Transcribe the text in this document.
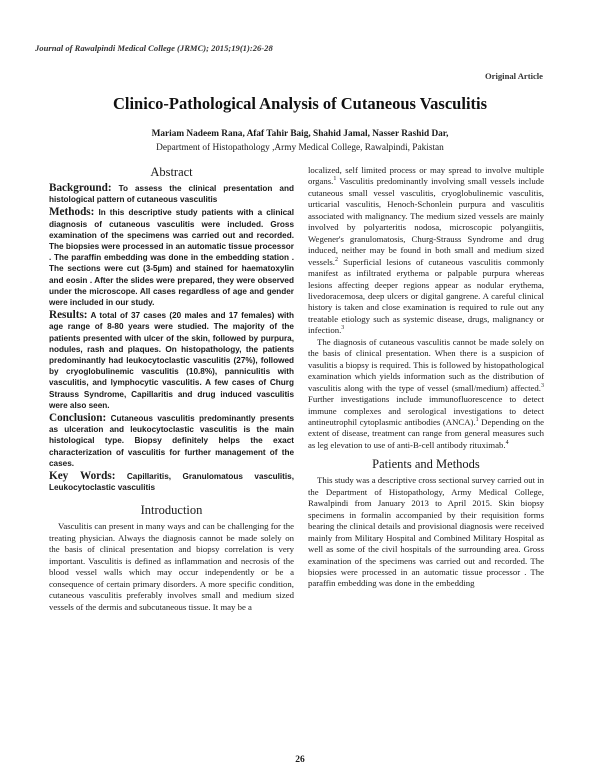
Journal of Rawalpindi Medical College (JRMC); 2015;19(1):26-28
Original Article
Clinico-Pathological Analysis of Cutaneous Vasculitis
Mariam Nadeem Rana, Afaf Tahir Baig, Shahid Jamal, Nasser Rashid Dar,
Department of Histopathology ,Army Medical College, Rawalpindi, Pakistan
Abstract

Background: To assess the clinical presentation and histological pattern of cutaneous vasculitis

Methods: In this descriptive study patients with a clinical diagnosis of cutaneous vasculitis were included. Gross examination of the specimens was carried out and recorded. The biopsies were processed in an automatic tissue processor . The paraffin embedding was done in the embedding station . The sections were cut (3-5µm) and stained for haematoxylin and eosin . After the slides were prepared, they were observed under the microscope. All cases regardless of age and gender were included in our study.

Results: A total of 37 cases (20 males and 17 females) with age range of 8-80 years were studied. The majority of the patients presented with ulcer of the skin, followed by purpura, nodules, rash and plaques. On histopathology, the patients predominantly had leukocytoclastic vasculitis (27%), followed by cryoglobulinemic vasculitis (10.8%), panniculitis with vasculitis, and lymphocytic vasculitis. A few cases of Churg Strauss Syndrome, Capillaritis and drug induced vasculitis were also seen.

Conclusion: Cutaneous vasculitis predominantly presents as ulceration and leukocytoclastic vasculitis is the main histological type. Biopsy definitely helps the exact characterization of vasculitis for further management of the cases.

Key Words: Capillaritis, Granulomatous vasculitis, Leukocytoclastic vasculitis

Introduction

Vasculitis can present in many ways and can be challenging for the treating physician. Always the diagnosis cannot be made solely on the basis of clinical presentation and biopsy correlation is very important. Vasculitis is defined as inflammation and necrosis of the blood vessel walls which may occur independently or be a consequence of certain primary disorders. A more specific condition, cutaneous vasculitis preferably involves small and medium sized vessels of the dermis and subcutaneous tissue. It may be a

localized, self limited process or may spread to involve multiple organs.$^1$ Vasculitis predominantly involving small vessels include cutaneous small vessel vasculitis, cryoglobulinemic vasculitis, urticarial vasculitis, Henoch-Schonlein purpura and vasculitis associated with malignancy. The medium sized vessels are mainly involved by polyarteritis nodosa, microscopic polyangiitis, Wegener's granulomatosis, Churg-Strauss Syndrome and drug induced, neither may be found in both small and medium sized vessels.$^2$ Superficial lesions of cutaneous vasculitis commonly manifest as infiltrated erythema or palpable purpura whereas lesions affecting deeper regions appear as nodular erythema, livedoracemosa, deep ulcers or digital gangrene. A careful clinical history is taken and close examination is required to rule out any treatable etiology such as systemic disease, drugs, malignancy or infection.$^3$

The diagnosis of cutaneous vasculitis cannot be made solely on the basis of clinical presentation. When there is a suspicion of vasulitis a biopsy is required. This is followed by histopathological examination which yields information such as the distribution of vasculitis along with the type of vessel (small/medium) affected.$^3$ Further investigations include immunofluorescence to detect immune complexes and serological investigations to detect antineutrophil cytoplasmic antibodies (ANCA).$^1$ Depending on the extent of disease, treatment can range from general measures such as leg elevation to use of anti-B-cell antibody rituximab.$^4$

Patients and Methods

This study was a descriptive cross sectional survey carried out in the Department of Histopathology, Army Medical College, Rawalpindi from January 2013 to April 2015. Skin biopsy specimens in formalin accompanied by their requisition forms bearing the clinical details and provisional diagnosis were received mainly from Military Hospital and Combined Military Hospital as well as some of the civil hospitals of the surrounding area. Gross examination of the specimens was carried out and recorded. The biopsies were processed in an automatic tissue processor . The paraffin embedding was done in the embedding

26
